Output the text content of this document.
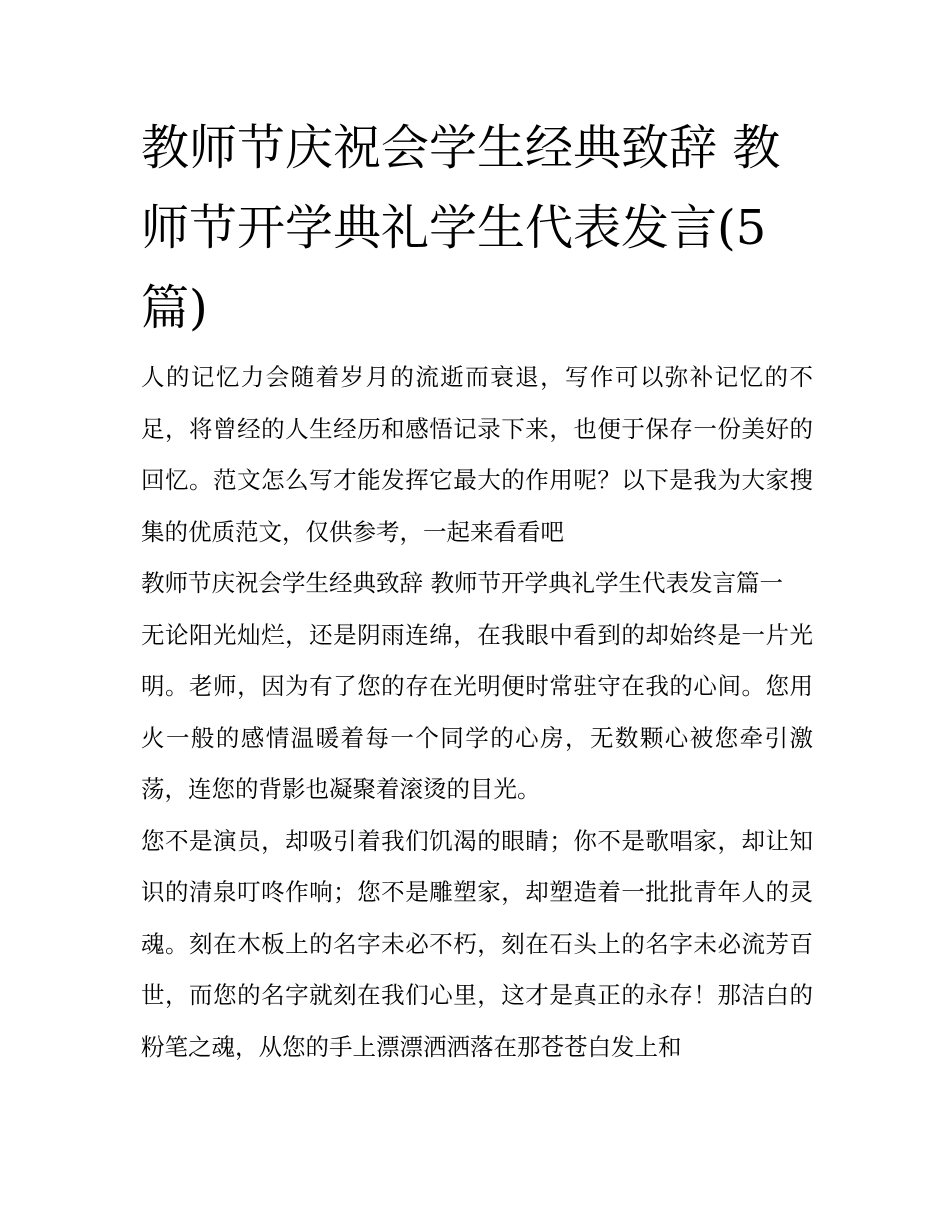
教师节庆祝会学生经典致辞 教师节开学典礼学生代表发言(5篇)

人的记忆力会随着岁月的流逝而衰退，写作可以弥补记忆的不足，将曾经的人生经历和感悟记录下来，也便于保存一份美好的回忆。范文怎么写才能发挥它最大的作用呢？以下是我为大家搜集的优质范文，仅供参考，一起来看看吧

教师节庆祝会学生经典致辞 教师节开学典礼学生代表发言篇一

无论阳光灿烂，还是阴雨连绵，在我眼中看到的却始终是一片光明。老师，因为有了您的存在光明便时常驻守在我的心间。您用火一般的感情温暖着每一个同学的心房，无数颗心被您牵引激荡，连您的背影也凝聚着滚烫的目光。

您不是演员，却吸引着我们饥渴的眼睛；你不是歌唱家，却让知识的清泉叮咚作响；您不是雕塑家，却塑造着一批批青年人的灵魂。刻在木板上的名字未必不朽，刻在石头上的名字未必流芳百世，而您的名字就刻在我们心里，这才是真正的永存！那洁白的粉笔之魂，从您的手上漂漂洒洒落在那苍苍白发上和
